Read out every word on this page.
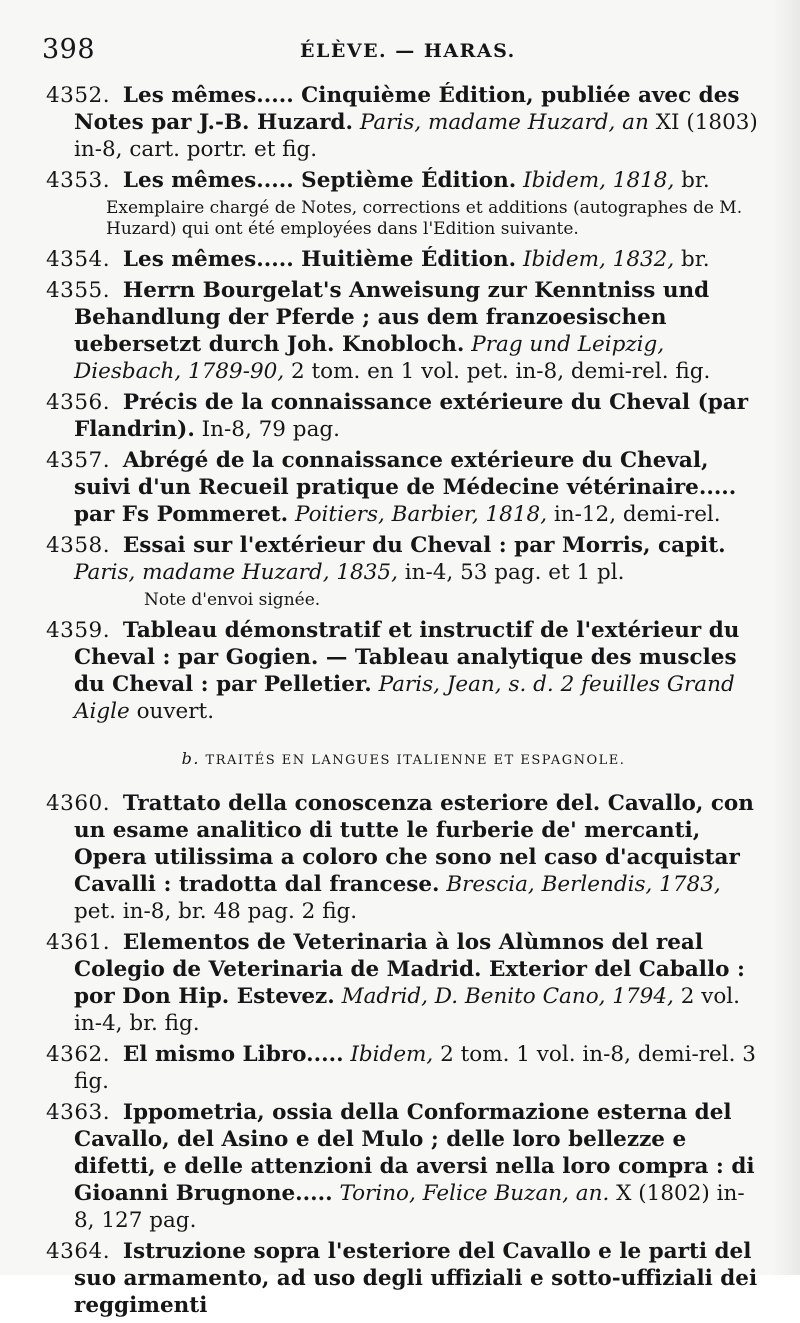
398	ÉLÈVE. — HARAS.

4352. Les mêmes..... Cinquième Édition, publiée avec des Notes par J.-B. Huzard. Paris, madame Huzard, an XI (1803) in-8, cart. portr. et fig.

4353. Les mêmes..... Septième Édition. Ibidem, 1818, br.

Exemplaire chargé de Notes, corrections et additions (autographes de M. Huzard) qui ont été employées dans l'Edition suivante.

4354. Les mêmes..... Huitième Édition. Ibidem, 1832, br.

4355. Herrn Bourgelat's Anweisung zur Kenntniss und Behandlung der Pferde ; aus dem franzoesischen uebersetzt durch Joh. Knobloch. Prag und Leipzig, Diesbach, 1789-90, 2 tom. en 1 vol. pet. in-8, demi-rel. fig.

4356. Précis de la connaissance extérieure du Cheval (par Flandrin). In-8, 79 pag.

4357. Abrégé de la connaissance extérieure du Cheval, suivi d'un Recueil pratique de Médecine vétérinaire..... par Fs Pommeret. Poitiers, Barbier, 1818, in-12, demi-rel.

4358. Essai sur l'extérieur du Cheval : par Morris, capit. Paris, madame Huzard, 1835, in-4, 53 pag. et 1 pl.

Note d'envoi signée.

4359. Tableau démonstratif et instructif de l'extérieur du Cheval : par Gogien. — Tableau analytique des muscles du Cheval : par Pelletier. Paris, Jean, s. d. 2 feuilles Grand Aigle ouvert.

b. TRAITÉS EN LANGUES ITALIENNE ET ESPAGNOLE.

4360. Trattato della conoscenza esteriore del. Cavallo, con un esame analitico di tutte le furberie de' mercanti, Opera utilissima a coloro che sono nel caso d'acquistar Cavalli : tradotta dal francese. Brescia, Berlendis, 1783, pet. in-8, br. 48 pag. 2 fig.

4361. Elementos de Veterinaria à los Alùmnos del real Colegio de Veterinaria de Madrid. Exterior del Caballo : por Don Hip. Estevez. Madrid, D. Benito Cano, 1794, 2 vol. in-4, br. fig.

4362. El mismo Libro..... Ibidem, 2 tom. 1 vol. in-8, demi-rel. 3 fig.

4363. Ippometria, ossia della Conformazione esterna del Cavallo, del Asino e del Mulo ; delle loro bellezze e difetti, e delle attenzioni da aversi nella loro compra : di Gioanni Brugnone..... Torino, Felice Buzan, an. X (1802) in-8, 127 pag.

4364. Istruzione sopra l'esteriore del Cavallo e le parti del suo armamento, ad uso degli uffiziali e sotto-uffiziali dei reggimenti
